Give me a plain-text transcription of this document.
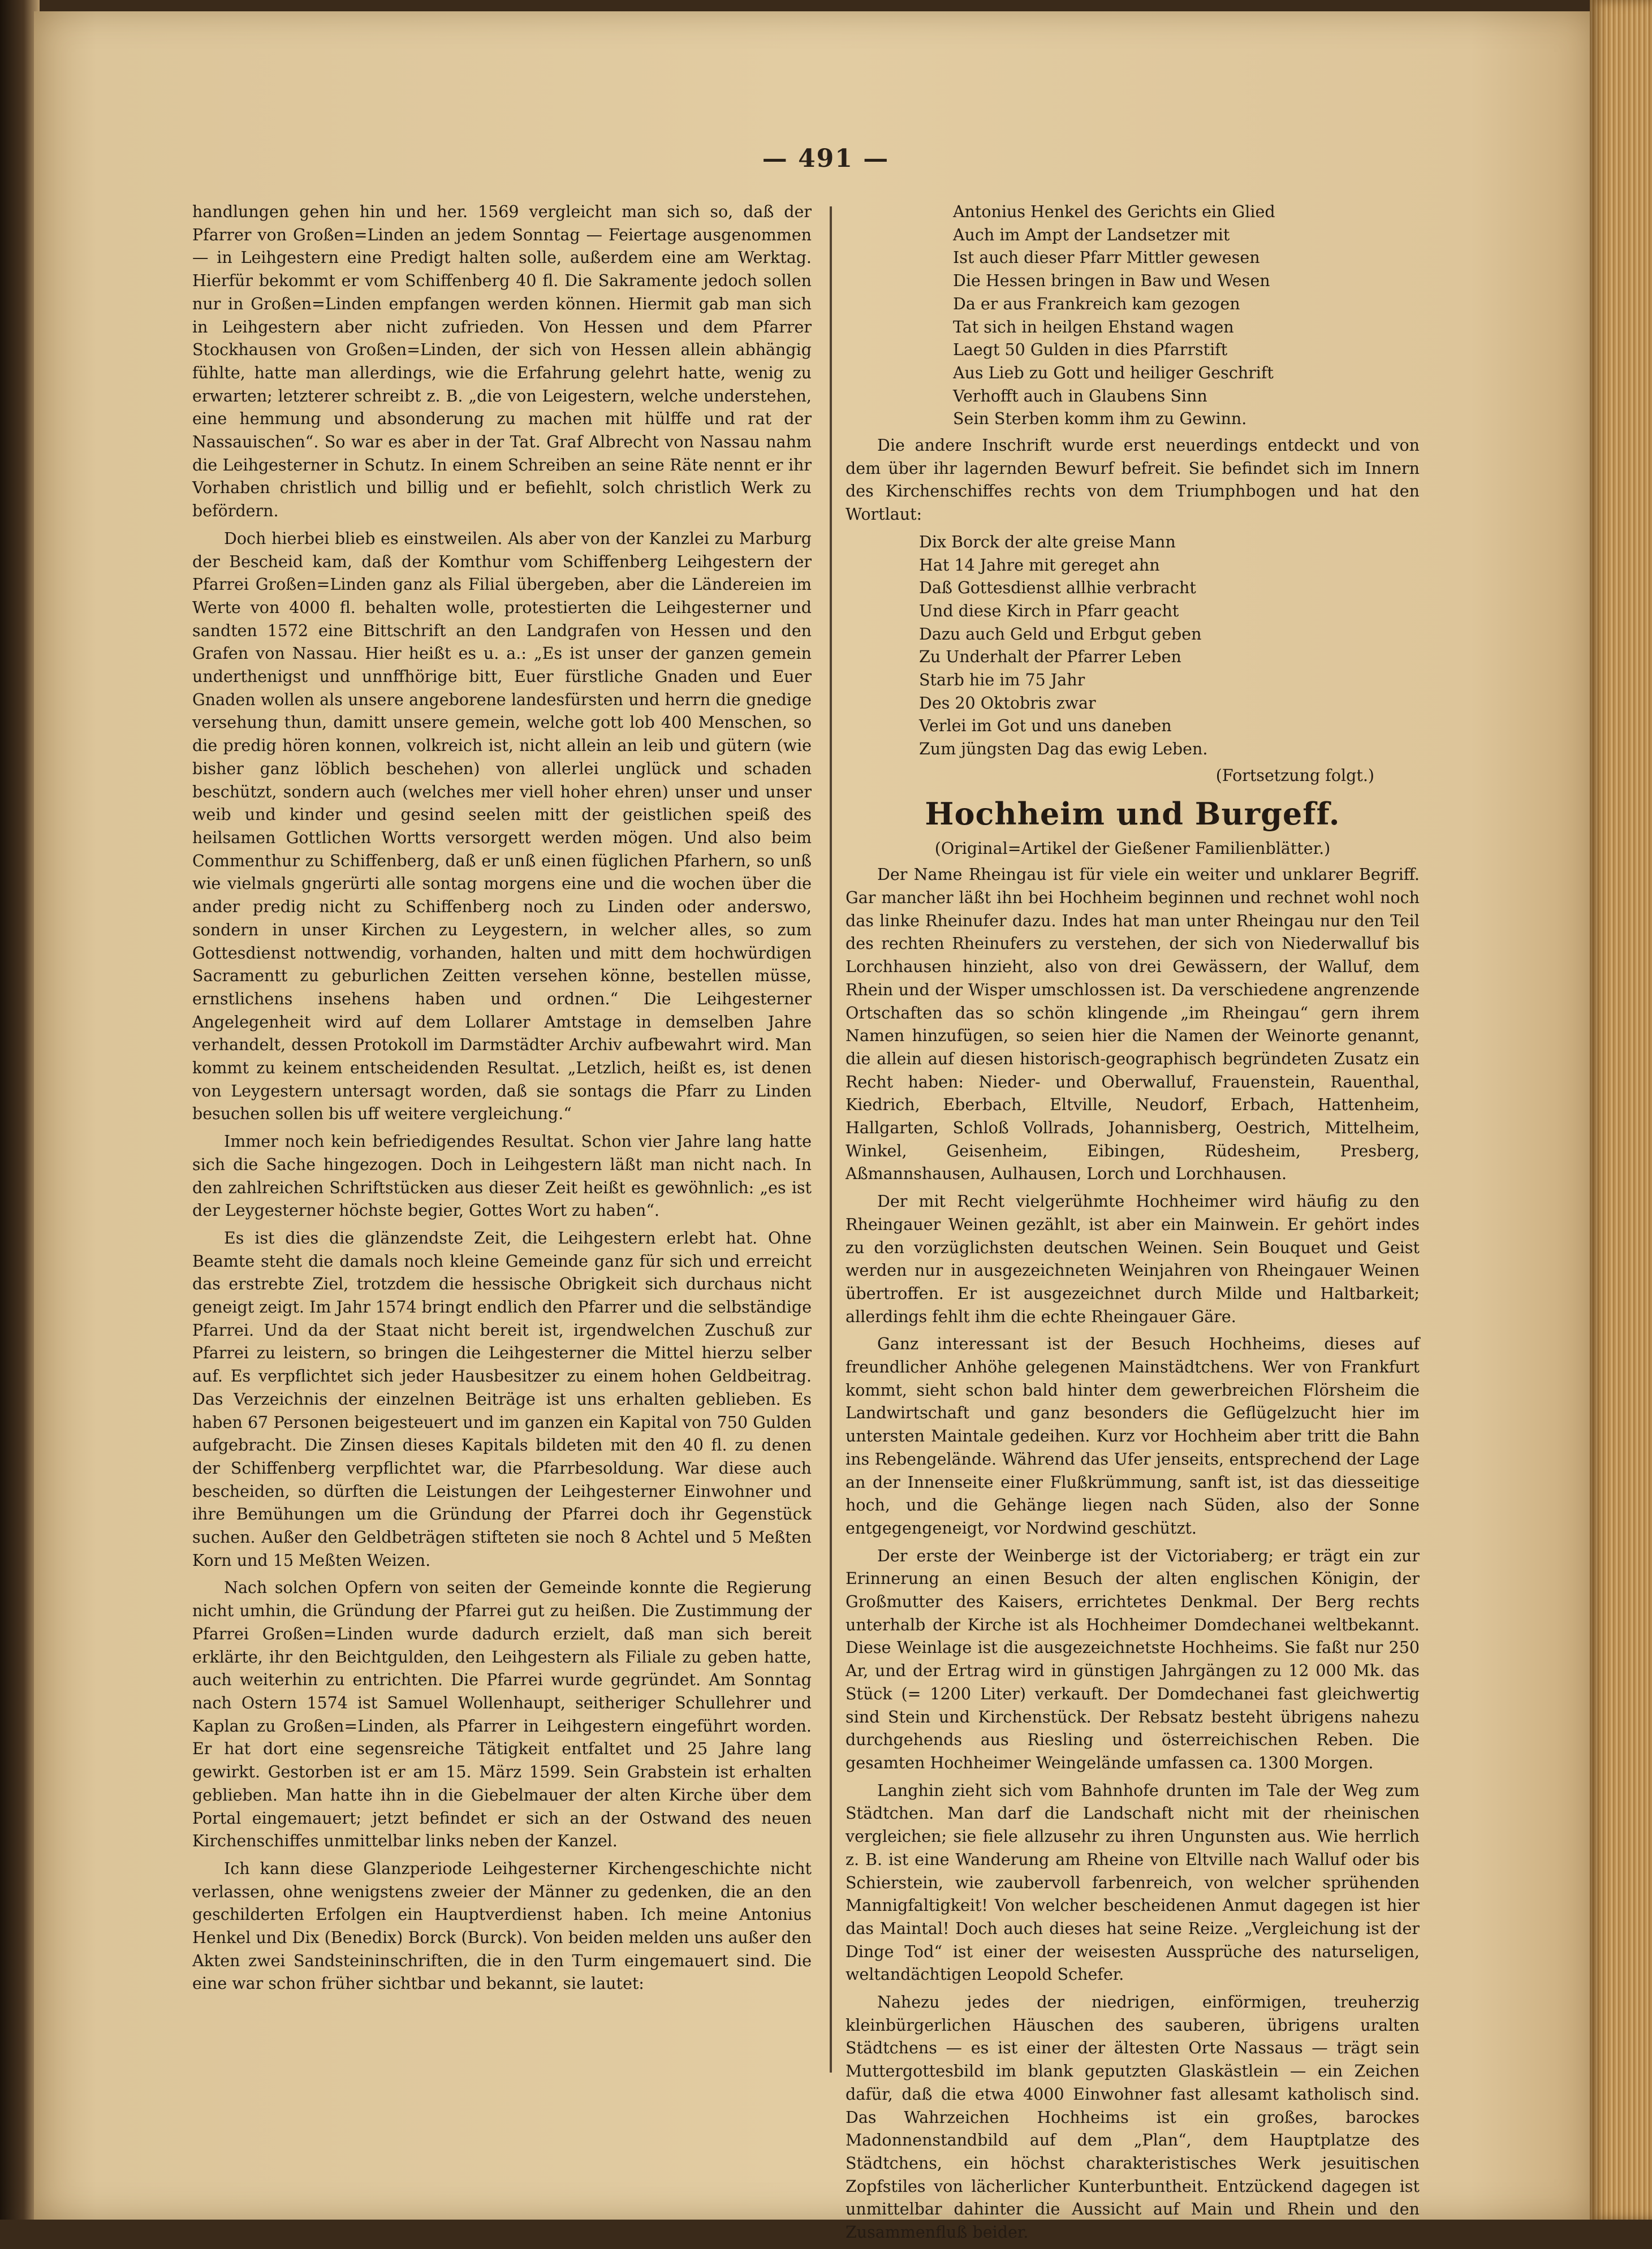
— 491 —

handlungen gehen hin und her. 1569 vergleicht man sich so, daß der Pfarrer von Großen=Linden an jedem Sonntag — Feiertage ausgenommen — in Leihgestern eine Predigt halten solle, außerdem eine am Werktag. Hierfür bekommt er vom Schiffenberg 40 fl. Die Sakramente jedoch sollen nur in Großen=Linden empfangen werden können. Hiermit gab man sich in Leihgestern aber nicht zufrieden. Von Hessen und dem Pfarrer Stockhausen von Großen=Linden, der sich von Hessen allein abhängig fühlte, hatte man allerdings, wie die Erfahrung gelehrt hatte, wenig zu erwarten; letzterer schreibt z. B. „die von Leigestern, welche understehen, eine hemmung und absonderung zu machen mit hülffe und rat der Nassauischen“. So war es aber in der Tat. Graf Albrecht von Nassau nahm die Leihgesterner in Schutz. In einem Schreiben an seine Räte nennt er ihr Vorhaben christlich und billig und er befiehlt, solch christlich Werk zu befördern.

Doch hierbei blieb es einstweilen. Als aber von der Kanzlei zu Marburg der Bescheid kam, daß der Komthur vom Schiffenberg Leihgestern der Pfarrei Großen=Linden ganz als Filial übergeben, aber die Ländereien im Werte von 4000 fl. behalten wolle, protestierten die Leihgesterner und sandten 1572 eine Bittschrift an den Landgrafen von Hessen und den Grafen von Nassau. Hier heißt es u. a.: „Es ist unser der ganzen gemein underthenigst und unnffhörige bitt, Euer fürstliche Gnaden und Euer Gnaden wollen als unsere angeborene landesfürsten und herrn die gnedige versehung thun, damitt unsere gemein, welche gott lob 400 Menschen, so die predig hören konnen, volkreich ist, nicht allein an leib und gütern (wie bisher ganz löblich beschehen) von allerlei unglück und schaden beschützt, sondern auch (welches mer viell hoher ehren) unser und unser weib und kinder und gesind seelen mitt der geistlichen speiß des heilsamen Gottlichen Wortts versorgett werden mögen. Und also beim Commenthur zu Schiffenberg, daß er unß einen füglichen Pfarhern, so unß wie vielmals gngerürti alle sontag morgens eine und die wochen über die ander predig nicht zu Schiffenberg noch zu Linden oder anderswo, sondern in unser Kirchen zu Leygestern, in welcher alles, so zum Gottesdienst nottwendig, vorhanden, halten und mitt dem hochwürdigen Sacramentt zu geburlichen Zeitten versehen könne, bestellen müsse, ernstlichens insehens haben und ordnen.“ Die Leihgesterner Angelegenheit wird auf dem Lollarer Amtstage in demselben Jahre verhandelt, dessen Protokoll im Darmstädter Archiv aufbewahrt wird. Man kommt zu keinem entscheidenden Resultat. „Letzlich, heißt es, ist denen von Leygestern untersagt worden, daß sie sontags die Pfarr zu Linden besuchen sollen bis uff weitere vergleichung.“

Immer noch kein befriedigendes Resultat. Schon vier Jahre lang hatte sich die Sache hingezogen. Doch in Leihgestern läßt man nicht nach. In den zahlreichen Schriftstücken aus dieser Zeit heißt es gewöhnlich: „es ist der Leygesterner höchste begier, Gottes Wort zu haben“.

Es ist dies die glänzendste Zeit, die Leihgestern erlebt hat. Ohne Beamte steht die damals noch kleine Gemeinde ganz für sich und erreicht das erstrebte Ziel, trotzdem die hessische Obrigkeit sich durchaus nicht geneigt zeigt. Im Jahr 1574 bringt endlich den Pfarrer und die selbständige Pfarrei. Und da der Staat nicht bereit ist, irgendwelchen Zuschuß zur Pfarrei zu leistern, so bringen die Leihgesterner die Mittel hierzu selber auf. Es verpflichtet sich jeder Hausbesitzer zu einem hohen Geldbeitrag. Das Verzeichnis der einzelnen Beiträge ist uns erhalten geblieben. Es haben 67 Personen beigesteuert und im ganzen ein Kapital von 750 Gulden aufgebracht. Die Zinsen dieses Kapitals bildeten mit den 40 fl. zu denen der Schiffenberg verpflichtet war, die Pfarrbesoldung. War diese auch bescheiden, so dürften die Leistungen der Leihgesterner Einwohner und ihre Bemühungen um die Gründung der Pfarrei doch ihr Gegenstück suchen. Außer den Geldbeträgen stifteten sie noch 8 Achtel und 5 Meßten Korn und 15 Meßten Weizen.

Nach solchen Opfern von seiten der Gemeinde konnte die Regierung nicht umhin, die Gründung der Pfarrei gut zu heißen. Die Zustimmung der Pfarrei Großen=Linden wurde dadurch erzielt, daß man sich bereit erklärte, ihr den Beichtgulden, den Leihgestern als Filiale zu geben hatte, auch weiterhin zu entrichten. Die Pfarrei wurde gegründet. Am Sonntag nach Ostern 1574 ist Samuel Wollenhaupt, seitheriger Schullehrer und Kaplan zu Großen=Linden, als Pfarrer in Leihgestern eingeführt worden. Er hat dort eine segensreiche Tätigkeit entfaltet und 25 Jahre lang gewirkt. Gestorben ist er am 15. März 1599. Sein Grabstein ist erhalten geblieben. Man hatte ihn in die Giebelmauer der alten Kirche über dem Portal eingemauert; jetzt befindet er sich an der Ostwand des neuen Kirchenschiffes unmittelbar links neben der Kanzel.

Ich kann diese Glanzperiode Leihgesterner Kirchengeschichte nicht verlassen, ohne wenigstens zweier der Männer zu gedenken, die an den geschilderten Erfolgen ein Hauptverdienst haben. Ich meine Antonius Henkel und Dix (Benedix) Borck (Burck). Von beiden melden uns außer den Akten zwei Sandsteininschriften, die in den Turm eingemauert sind. Die eine war schon früher sichtbar und bekannt, sie lautet:

Antonius Henkel des Gerichts ein Glied
Auch im Ampt der Landsetzer mit
Ist auch dieser Pfarr Mittler gewesen
Die Hessen bringen in Baw und Wesen
Da er aus Frankreich kam gezogen
Tat sich in heilgen Ehstand wagen
Laegt 50 Gulden in dies Pfarrstift
Aus Lieb zu Gott und heiliger Geschrift
Verhofft auch in Glaubens Sinn
Sein Sterben komm ihm zu Gewinn.

Die andere Inschrift wurde erst neuerdings entdeckt und von dem über ihr lagernden Bewurf befreit. Sie befindet sich im Innern des Kirchenschiffes rechts von dem Triumphbogen und hat den Wortlaut:

Dix Borck der alte greise Mann
Hat 14 Jahre mit gereget ahn
Daß Gottesdienst allhie verbracht
Und diese Kirch in Pfarr geacht
Dazu auch Geld und Erbgut geben
Zu Underhalt der Pfarrer Leben
Starb hie im 75 Jahr
Des 20 Oktobris zwar
Verlei im Got und uns daneben
Zum jüngsten Dag das ewig Leben.
(Fortsetzung folgt.)
Hochheim und Burgeff.
(Original=Artikel der Gießener Familienblätter.)

Der Name Rheingau ist für viele ein weiter und unklarer Begriff. Gar mancher läßt ihn bei Hochheim beginnen und rechnet wohl noch das linke Rheinufer dazu. Indes hat man unter Rheingau nur den Teil des rechten Rheinufers zu verstehen, der sich von Niederwalluf bis Lorchhausen hinzieht, also von drei Gewässern, der Walluf, dem Rhein und der Wisper umschlossen ist. Da verschiedene angrenzende Ortschaften das so schön klingende „im Rheingau“ gern ihrem Namen hinzufügen, so seien hier die Namen der Weinorte genannt, die allein auf diesen historisch-geographisch begründeten Zusatz ein Recht haben: Nieder- und Oberwalluf, Frauenstein, Rauenthal, Kiedrich, Eberbach, Eltville, Neudorf, Erbach, Hattenheim, Hallgarten, Schloß Vollrads, Johannisberg, Oestrich, Mittelheim, Winkel, Geisenheim, Eibingen, Rüdesheim, Presberg, Aßmannshausen, Aulhausen, Lorch und Lorchhausen.

Der mit Recht vielgerühmte Hochheimer wird häufig zu den Rheingauer Weinen gezählt, ist aber ein Mainwein. Er gehört indes zu den vorzüglichsten deutschen Weinen. Sein Bouquet und Geist werden nur in ausgezeichneten Weinjahren von Rheingauer Weinen übertroffen. Er ist ausgezeichnet durch Milde und Haltbarkeit; allerdings fehlt ihm die echte Rheingauer Gäre.

Ganz interessant ist der Besuch Hochheims, dieses auf freundlicher Anhöhe gelegenen Mainstädtchens. Wer von Frankfurt kommt, sieht schon bald hinter dem gewerbreichen Flörsheim die Landwirtschaft und ganz besonders die Geflügelzucht hier im untersten Maintale gedeihen. Kurz vor Hochheim aber tritt die Bahn ins Rebengelände. Während das Ufer jenseits, entsprechend der Lage an der Innenseite einer Flußkrümmung, sanft ist, ist das diesseitige hoch, und die Gehänge liegen nach Süden, also der Sonne entgegengeneigt, vor Nordwind geschützt.

Der erste der Weinberge ist der Victoriaberg; er trägt ein zur Erinnerung an einen Besuch der alten englischen Königin, der Großmutter des Kaisers, errichtetes Denkmal. Der Berg rechts unterhalb der Kirche ist als Hochheimer Domdechanei weltbekannt. Diese Weinlage ist die ausgezeichnetste Hochheims. Sie faßt nur 250 Ar, und der Ertrag wird in günstigen Jahrgängen zu 12 000 Mk. das Stück (= 1200 Liter) verkauft. Der Domdechanei fast gleichwertig sind Stein und Kirchenstück. Der Rebsatz besteht übrigens nahezu durchgehends aus Riesling und österreichischen Reben. Die gesamten Hochheimer Weingelände umfassen ca. 1300 Morgen.

Langhin zieht sich vom Bahnhofe drunten im Tale der Weg zum Städtchen. Man darf die Landschaft nicht mit der rheinischen vergleichen; sie fiele allzusehr zu ihren Ungunsten aus. Wie herrlich z. B. ist eine Wanderung am Rheine von Eltville nach Walluf oder bis Schierstein, wie zaubervoll farbenreich, von welcher sprühenden Mannigfaltigkeit! Von welcher bescheidenen Anmut dagegen ist hier das Maintal! Doch auch dieses hat seine Reize. „Vergleichung ist der Dinge Tod“ ist einer der weisesten Aussprüche des naturseligen, weltandächtigen Leopold Schefer.

Nahezu jedes der niedrigen, einförmigen, treuherzig kleinbürgerlichen Häuschen des sauberen, übrigens uralten Städtchens — es ist einer der ältesten Orte Nassaus — trägt sein Muttergottesbild im blank geputzten Glaskästlein — ein Zeichen dafür, daß die etwa 4000 Einwohner fast allesamt katholisch sind. Das Wahrzeichen Hochheims ist ein großes, barockes Madonnenstandbild auf dem „Plan“, dem Hauptplatze des Städtchens, ein höchst charakteristisches Werk jesuitischen Zopfstiles von lächerlicher Kunterbuntheit. Entzückend dagegen ist unmittelbar dahinter die Aussicht auf Main und Rhein und den Zusammenfluß beider.
